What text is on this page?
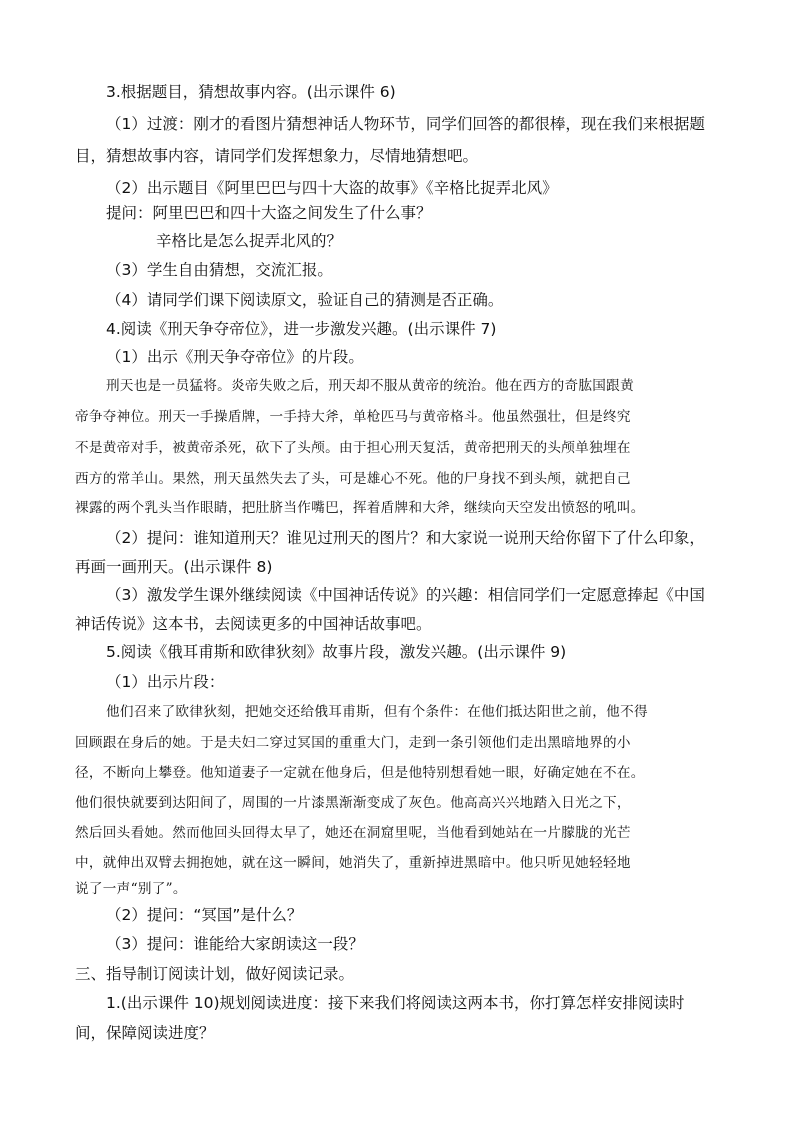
3.根据题目，猜想故事内容。(出示课件 6)
（1）过渡：刚才的看图片猜想神话人物环节，同学们回答的都很棒，现在我们来根据题
目，猜想故事内容，请同学们发挥想象力，尽情地猜想吧。
（2）出示题目《阿里巴巴与四十大盗的故事》《辛格比捉弄北风》
提问：阿里巴巴和四十大盗之间发生了什么事？
辛格比是怎么捉弄北风的？
（3）学生自由猜想，交流汇报。
（4）请同学们课下阅读原文，验证自己的猜测是否正确。
4.阅读《刑天争夺帝位》，进一步激发兴趣。(出示课件 7)
（1）出示《刑天争夺帝位》的片段。
刑天也是一员猛将。炎帝失败之后，刑天却不服从黄帝的统治。他在西方的奇肱国跟黄
帝争夺神位。刑天一手操盾牌，一手持大斧，单枪匹马与黄帝格斗。他虽然强壮，但是终究
不是黄帝对手，被黄帝杀死，砍下了头颅。由于担心刑天复活，黄帝把刑天的头颅单独埋在
西方的常羊山。果然，刑天虽然失去了头，可是雄心不死。他的尸身找不到头颅，就把自己
裸露的两个乳头当作眼睛，把肚脐当作嘴巴，挥着盾牌和大斧，继续向天空发出愤怒的吼叫。
（2）提问：谁知道刑天？谁见过刑天的图片？和大家说一说刑天给你留下了什么印象，
再画一画刑天。(出示课件 8)
（3）激发学生课外继续阅读《中国神话传说》的兴趣：相信同学们一定愿意捧起《中国
神话传说》这本书，去阅读更多的中国神话故事吧。
5.阅读《俄耳甫斯和欧律狄刻》故事片段，激发兴趣。(出示课件 9)
（1）出示片段：
他们召来了欧律狄刻，把她交还给俄耳甫斯，但有个条件：在他们抵达阳世之前，他不得
回顾跟在身后的她。于是夫妇二穿过冥国的重重大门，走到一条引领他们走出黑暗地界的小
径，不断向上攀登。他知道妻子一定就在他身后，但是他特别想看她一眼，好确定她在不在。
他们很快就要到达阳间了，周围的一片漆黑渐渐变成了灰色。他高高兴兴地踏入日光之下，
然后回头看她。然而他回头回得太早了，她还在洞窟里呢，当他看到她站在一片朦胧的光芒
中，就伸出双臂去拥抱她，就在这一瞬间，她消失了，重新掉进黑暗中。他只听见她轻轻地
说了一声“别了”。
（2）提问：“冥国”是什么？
（3）提问：谁能给大家朗读这一段？
三、指导制订阅读计划，做好阅读记录。
1.(出示课件 10)规划阅读进度：接下来我们将阅读这两本书，你打算怎样安排阅读时
间，保障阅读进度？
